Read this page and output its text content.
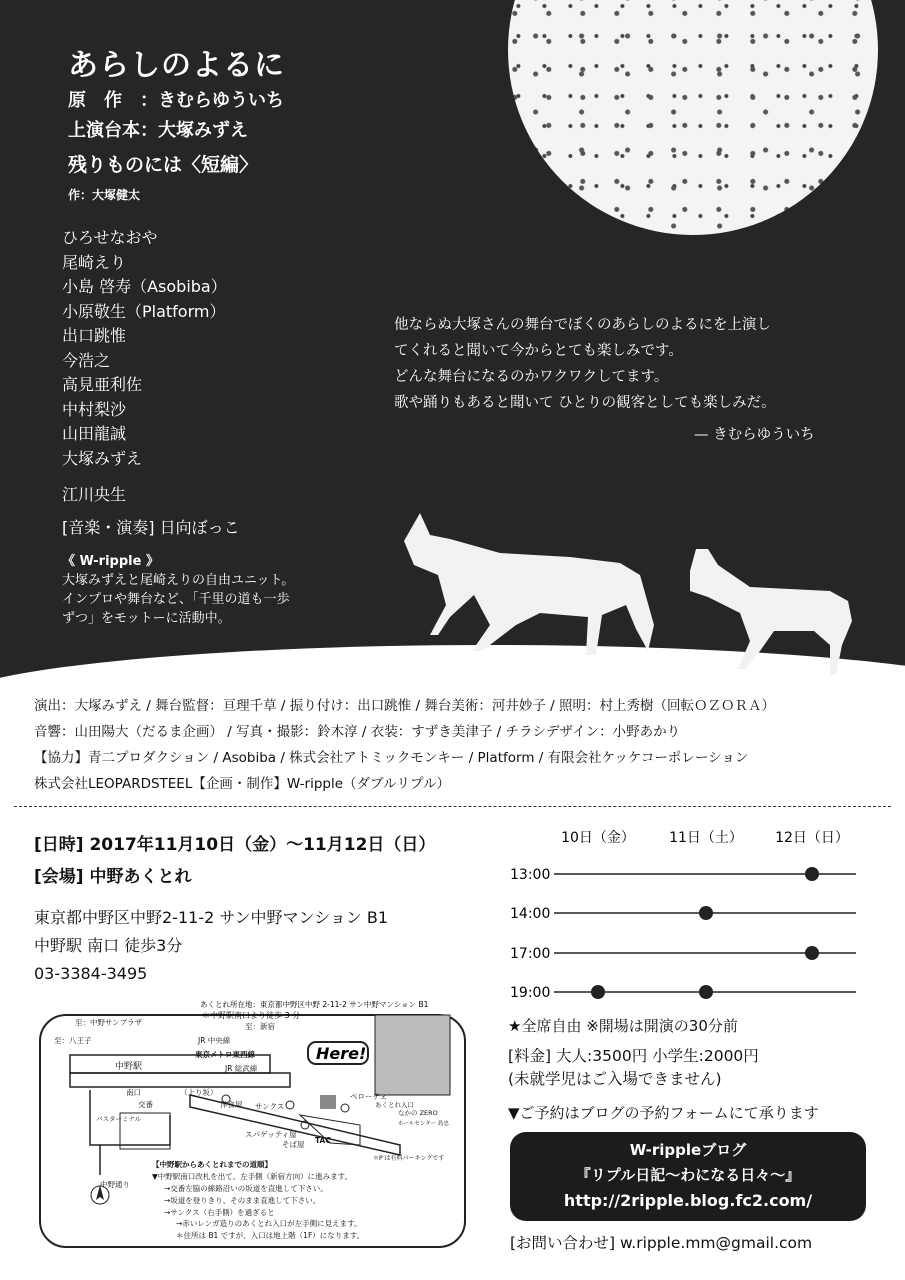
あらしのよるに
原　作　：きむらゆういち
上演台本：大塚みずえ
残りものには〈短編〉
作：大塚健太
ひろせなおや
尾崎えり
小島 啓寿（Asobiba）
小原敬生（Platform）
出口跳惟
今浩之
高見亜利佐
中村梨沙
山田龍誠
大塚みずえ
江川央生
[音楽・演奏] 日向ぼっこ
《 W-ripple 》
大塚みずえと尾崎えりの自由ユニット。
インプロや舞台など、「千里の道も一歩
ずつ」をモットーに活動中。
他ならぬ大塚さんの舞台でぼくのあらしのよるにを上演し
てくれると聞いて今からとても楽しみです。
どんな舞台になるのかワクワクしてます。
歌や踊りもあると聞いて ひとりの観客としても楽しみだ。
— きむらゆういち
演出：大塚みずえ / 舞台監督：亘理千草 / 振り付け：出口跳惟 / 舞台美術：河井妙子 / 照明：村上秀樹（回転ＯＺＯＲＡ）
音響：山田陽大（だるま企画） / 写真・撮影：鈴木淳 / 衣装：すずき美津子 / チラシデザイン：小野あかり
【協力】青二プロダクション / Asobiba / 株式会社アトミックモンキー / Platform / 有限会社ケッケコーポレーション
株式会社LEOPARDSTEEL【企画・制作】W-ripple（ダブルリプル）
[日時] 2017年11月10日（金）～11月12日（日）
[会場] 中野あくとれ
東京都中野区中野2-11-2 サン中野マンション B1
中野駅 南口 徒歩3分
03-3384-3495
10日（金） 11日（土） 12日（日）
13:00
14:00
17:00
19:00
あくとれ所在地：東京都中野区中野 2-11-2 サン中野マンション B1
＊中野駅南口より徒歩 3 分
Here!
至：中野サンプラザ
至：八王子
至：新宿
中野駅
JR 中央線
東京メトロ東西線
JR 総武線
南口
交番
バスターミナル
中野通り
（上り坂）
洋食屋 サンクス
スパゲッティ屋
そば屋 TAC
ペローチェ
あくとれ入口
なかの ZERO
ホールセンター 島忠
＊P は有料パーキングです
【中野駅からあくとれまでの道順】
▼中野駅南口改札を出て、左手側（新宿方向）に進みます。
→交番左脇の線路沿いの坂道を直進して下さい。
→坂道を登りきり、そのまま直進して下さい。
→サンクス（右手側）を過ぎると
→赤いレンガ造りのあくとれ入口が左手側に見えます。
＊住所は B1 ですが、入口は地上階（1F）になります。
★全席自由 ※開場は開演の30分前
[料金] 大人:3500円 小学生:2000円
(未就学児はご入場できません)
▼ご予約はブログの予約フォームにて承ります
W-rippleブログ
『リプル日記～わになる日々～』
http://2ripple.blog.fc2.com/
[お問い合わせ] w.ripple.mm@gmail.com
